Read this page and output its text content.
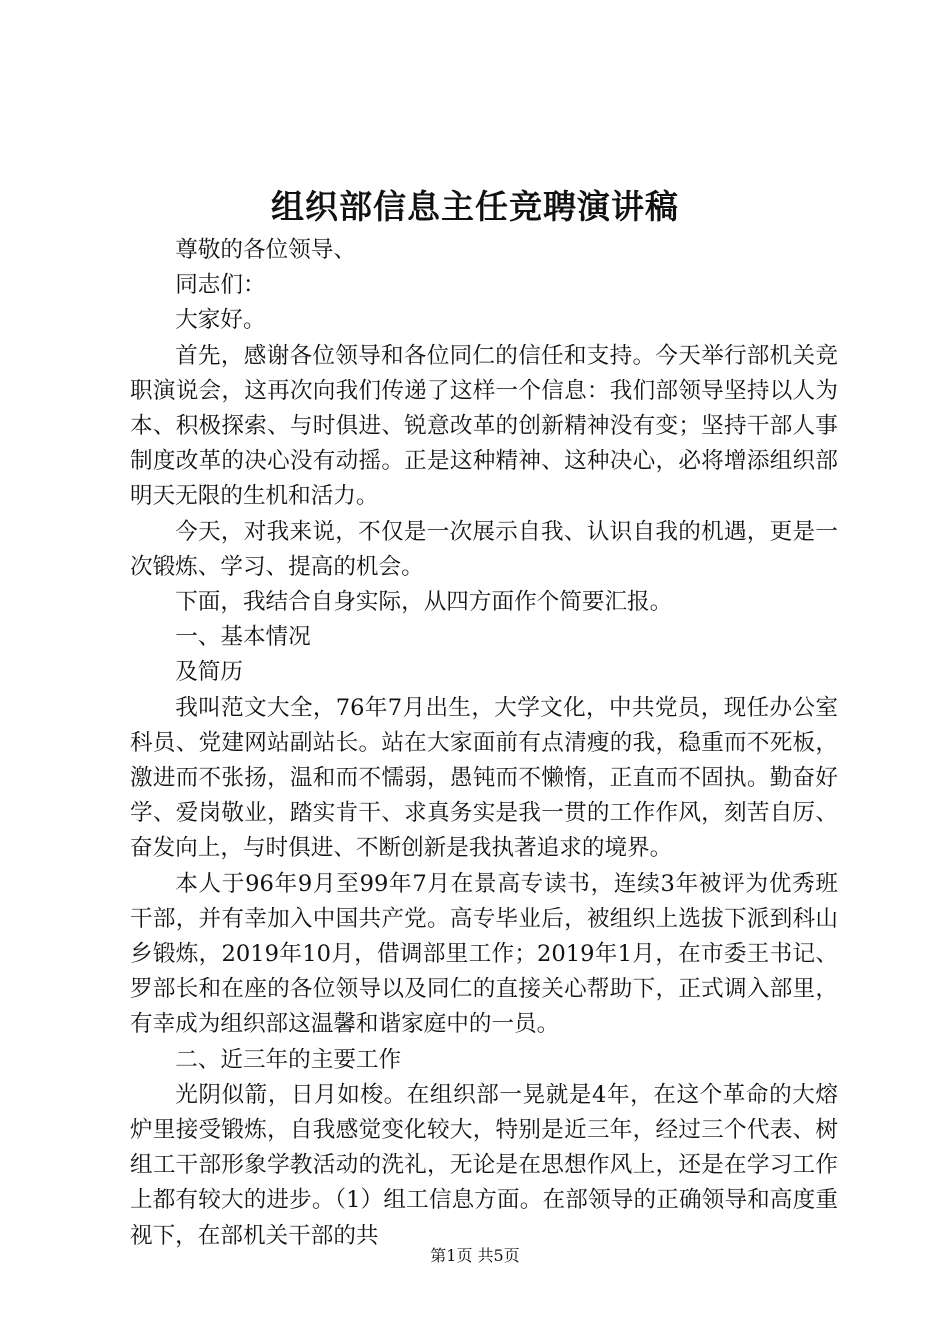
组织部信息主任竞聘演讲稿

尊敬的各位领导、

同志们：

大家好。

首先，感谢各位领导和各位同仁的信任和支持。今天举行部机关竞职演说会，这再次向我们传递了这样一个信息：我们部领导坚持以人为本、积极探索、与时俱进、锐意改革的创新精神没有变；坚持干部人事制度改革的决心没有动摇。正是这种精神、这种决心，必将增添组织部明天无限的生机和活力。

今天，对我来说，不仅是一次展示自我、认识自我的机遇，更是一次锻炼、学习、提高的机会。

下面，我结合自身实际，从四方面作个简要汇报。

一、基本情况

及简历

我叫范文大全，76年7月出生，大学文化，中共党员，现任办公室科员、党建网站副站长。站在大家面前有点清瘦的我，稳重而不死板，激进而不张扬，温和而不懦弱，愚钝而不懒惰，正直而不固执。勤奋好学、爱岗敬业，踏实肯干、求真务实是我一贯的工作作风，刻苦自厉、奋发向上，与时俱进、不断创新是我执著追求的境界。

本人于96年9月至99年7月在景高专读书，连续3年被评为优秀班干部，并有幸加入中国共产党。高专毕业后，被组织上选拔下派到科山乡锻炼，2019年10月，借调部里工作；2019年1月，在市委王书记、罗部长和在座的各位领导以及同仁的直接关心帮助下，正式调入部里，有幸成为组织部这温馨和谐家庭中的一员。

二、近三年的主要工作

光阴似箭，日月如梭。在组织部一晃就是4年，在这个革命的大熔炉里接受锻炼，自我感觉变化较大，特别是近三年，经过三个代表、树组工干部形象学教活动的洗礼，无论是在思想作风上，还是在学习工作上都有较大的进步。（1）组工信息方面。在部领导的正确领导和高度重视下，在部机关干部的共

第1页 共5页
